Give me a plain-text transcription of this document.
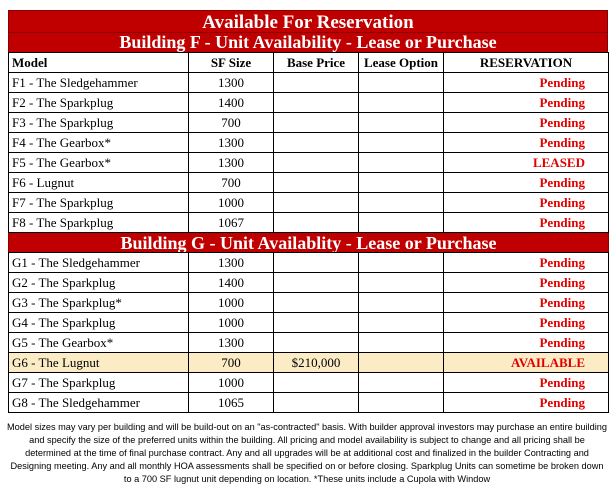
Available For Reservation
Building F - Unit Availability - Lease or Purchase
Model	SF Size	Base Price	Lease Option	RESERVATION
F1 - The Sledgehammer	1300			Pending
F2 - The Sparkplug	1400			Pending
F3 - The Sparkplug	700			Pending
F4 - The Gearbox*	1300			Pending
F5 - The Gearbox*	1300			LEASED
F6 - Lugnut	700			Pending
F7 - The Sparkplug	1000			Pending
F8 - The Sparkplug	1067			Pending
Building G - Unit Availablity - Lease or Purchase				
G1 - The Sledgehammer	1300			Pending
G2 - The Sparkplug	1400			Pending
G3 - The Sparkplug*	1000			Pending
G4 - The Sparkplug	1000			Pending
G5 - The Gearbox*	1300			Pending
G6 - The Lugnut	700	$210,000		AVAILABLE
G7 - The Sparkplug	1000			Pending
G8 - The Sledgehammer	1065			Pending
Model sizes may vary per building and will be build-out on an "as-contracted" basis. With builder approval investors may purchase an entire building and specify the size of the preferred units within the building. All pricing and model availability is subject to change and all pricing shall be determined at the time of final purchase contract. Any and all upgrades will be at additional cost and finalized in the builder Contracting and Designing meeting. Any and all monthly HOA assessments shall be specified on or before closing. Sparkplug Units can sometime be broken down to a 700 SF lugnut unit depending on location. *These units include a Cupola with Window
